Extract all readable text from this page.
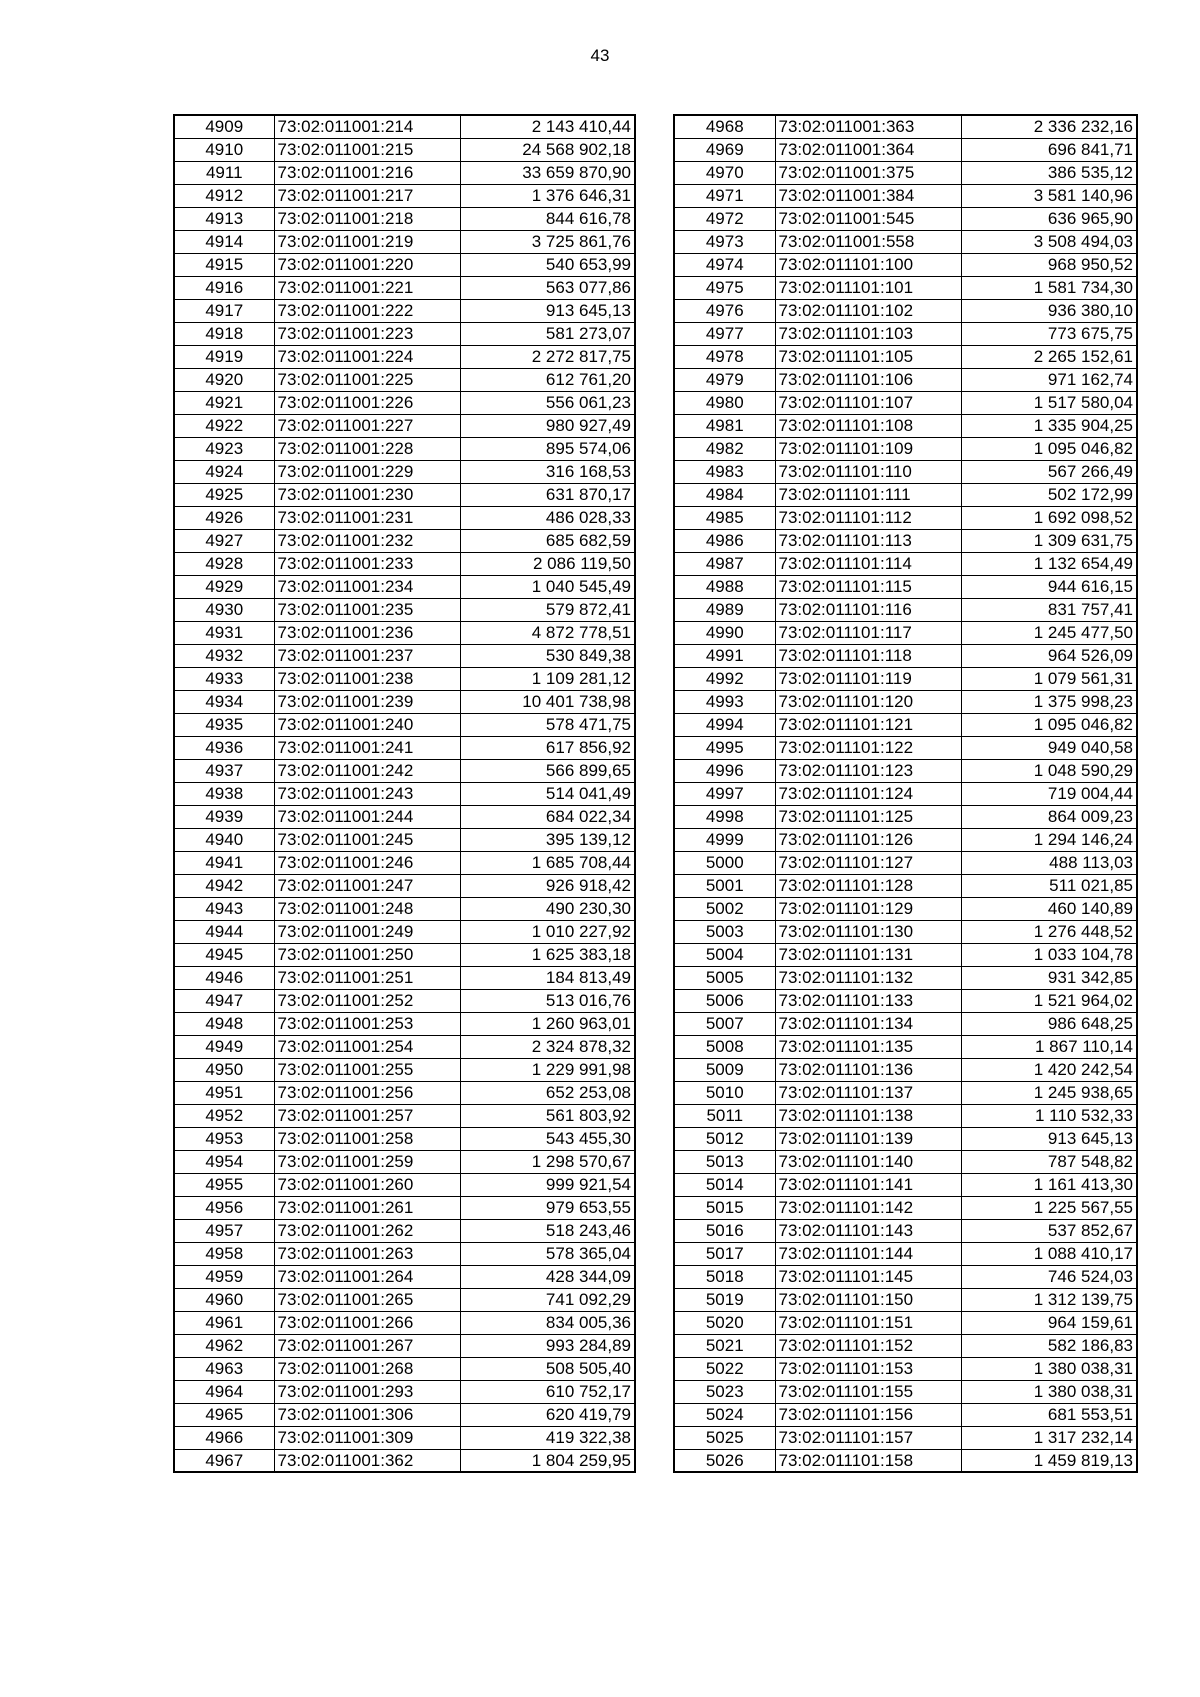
43
4909	73:02:011001:214	2 143 410,44
4910	73:02:011001:215	24 568 902,18
4911	73:02:011001:216	33 659 870,90
4912	73:02:011001:217	1 376 646,31
4913	73:02:011001:218	844 616,78
4914	73:02:011001:219	3 725 861,76
4915	73:02:011001:220	540 653,99
4916	73:02:011001:221	563 077,86
4917	73:02:011001:222	913 645,13
4918	73:02:011001:223	581 273,07
4919	73:02:011001:224	2 272 817,75
4920	73:02:011001:225	612 761,20
4921	73:02:011001:226	556 061,23
4922	73:02:011001:227	980 927,49
4923	73:02:011001:228	895 574,06
4924	73:02:011001:229	316 168,53
4925	73:02:011001:230	631 870,17
4926	73:02:011001:231	486 028,33
4927	73:02:011001:232	685 682,59
4928	73:02:011001:233	2 086 119,50
4929	73:02:011001:234	1 040 545,49
4930	73:02:011001:235	579 872,41
4931	73:02:011001:236	4 872 778,51
4932	73:02:011001:237	530 849,38
4933	73:02:011001:238	1 109 281,12
4934	73:02:011001:239	10 401 738,98
4935	73:02:011001:240	578 471,75
4936	73:02:011001:241	617 856,92
4937	73:02:011001:242	566 899,65
4938	73:02:011001:243	514 041,49
4939	73:02:011001:244	684 022,34
4940	73:02:011001:245	395 139,12
4941	73:02:011001:246	1 685 708,44
4942	73:02:011001:247	926 918,42
4943	73:02:011001:248	490 230,30
4944	73:02:011001:249	1 010 227,92
4945	73:02:011001:250	1 625 383,18
4946	73:02:011001:251	184 813,49
4947	73:02:011001:252	513 016,76
4948	73:02:011001:253	1 260 963,01
4949	73:02:011001:254	2 324 878,32
4950	73:02:011001:255	1 229 991,98
4951	73:02:011001:256	652 253,08
4952	73:02:011001:257	561 803,92
4953	73:02:011001:258	543 455,30
4954	73:02:011001:259	1 298 570,67
4955	73:02:011001:260	999 921,54
4956	73:02:011001:261	979 653,55
4957	73:02:011001:262	518 243,46
4958	73:02:011001:263	578 365,04
4959	73:02:011001:264	428 344,09
4960	73:02:011001:265	741 092,29
4961	73:02:011001:266	834 005,36
4962	73:02:011001:267	993 284,89
4963	73:02:011001:268	508 505,40
4964	73:02:011001:293	610 752,17
4965	73:02:011001:306	620 419,79
4966	73:02:011001:309	419 322,38
4967	73:02:011001:362	1 804 259,95
4968	73:02:011001:363	2 336 232,16
4969	73:02:011001:364	696 841,71
4970	73:02:011001:375	386 535,12
4971	73:02:011001:384	3 581 140,96
4972	73:02:011001:545	636 965,90
4973	73:02:011001:558	3 508 494,03
4974	73:02:011101:100	968 950,52
4975	73:02:011101:101	1 581 734,30
4976	73:02:011101:102	936 380,10
4977	73:02:011101:103	773 675,75
4978	73:02:011101:105	2 265 152,61
4979	73:02:011101:106	971 162,74
4980	73:02:011101:107	1 517 580,04
4981	73:02:011101:108	1 335 904,25
4982	73:02:011101:109	1 095 046,82
4983	73:02:011101:110	567 266,49
4984	73:02:011101:111	502 172,99
4985	73:02:011101:112	1 692 098,52
4986	73:02:011101:113	1 309 631,75
4987	73:02:011101:114	1 132 654,49
4988	73:02:011101:115	944 616,15
4989	73:02:011101:116	831 757,41
4990	73:02:011101:117	1 245 477,50
4991	73:02:011101:118	964 526,09
4992	73:02:011101:119	1 079 561,31
4993	73:02:011101:120	1 375 998,23
4994	73:02:011101:121	1 095 046,82
4995	73:02:011101:122	949 040,58
4996	73:02:011101:123	1 048 590,29
4997	73:02:011101:124	719 004,44
4998	73:02:011101:125	864 009,23
4999	73:02:011101:126	1 294 146,24
5000	73:02:011101:127	488 113,03
5001	73:02:011101:128	511 021,85
5002	73:02:011101:129	460 140,89
5003	73:02:011101:130	1 276 448,52
5004	73:02:011101:131	1 033 104,78
5005	73:02:011101:132	931 342,85
5006	73:02:011101:133	1 521 964,02
5007	73:02:011101:134	986 648,25
5008	73:02:011101:135	1 867 110,14
5009	73:02:011101:136	1 420 242,54
5010	73:02:011101:137	1 245 938,65
5011	73:02:011101:138	1 110 532,33
5012	73:02:011101:139	913 645,13
5013	73:02:011101:140	787 548,82
5014	73:02:011101:141	1 161 413,30
5015	73:02:011101:142	1 225 567,55
5016	73:02:011101:143	537 852,67
5017	73:02:011101:144	1 088 410,17
5018	73:02:011101:145	746 524,03
5019	73:02:011101:150	1 312 139,75
5020	73:02:011101:151	964 159,61
5021	73:02:011101:152	582 186,83
5022	73:02:011101:153	1 380 038,31
5023	73:02:011101:155	1 380 038,31
5024	73:02:011101:156	681 553,51
5025	73:02:011101:157	1 317 232,14
5026	73:02:011101:158	1 459 819,13
